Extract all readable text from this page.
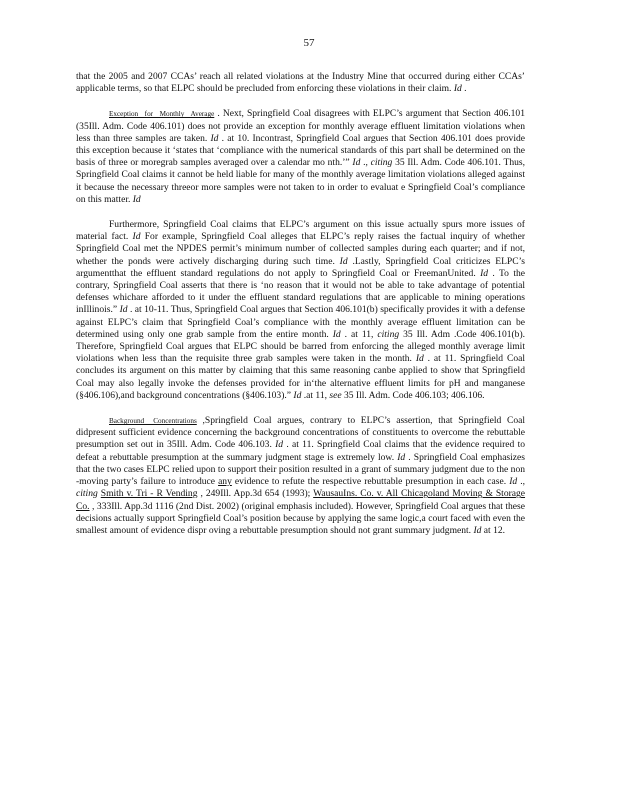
57

that the 2005 and 2007 CCAs’ reach all related violations at the Industry Mine that occurred during either CCAs’ applicable terms, so that ELPC should be precluded from enforcing these violations in their claim. Id .

Exception for Monthly Average . Next, Springfield Coal disagrees with ELPC’s argument that Section 406.101 (35Ill. Adm. Code 406.101) does not provide an exception for monthly average effluent limitation violations when less than three samples are taken. Id . at 10. Incontrast, Springfield Coal argues that Section 406.101 does provide this exception because it ‘states that ‘compliance with the numerical standards of this part shall be determined on the basis of three or moregrab samples averaged over a calendar mo nth.’” Id ., citing 35 Ill. Adm. Code 406.101. Thus, Springfield Coal claims it cannot be held liable for many of the monthly average limitation violations alleged against it because the necessary threeor more samples were not taken to in order to evaluat e Springfield Coal’s compliance on this matter. Id

Furthermore, Springfield Coal claims that ELPC’s argument on this issue actually spurs more issues of material fact. Id For example, Springfield Coal alleges that ELPC’s reply raises the factual inquiry of whether Springfield Coal met the NPDES permit’s minimum number of collected samples during each quarter; and if not, whether the ponds were actively discharging during such time. Id .Lastly, Springfield Coal criticizes ELPC’s argumentthat the effluent standard regulations do not apply to Springfield Coal or FreemanUnited. Id . To the contrary, Springfield Coal asserts that there is ‘no reason that it would not be able to take advantage of potential defenses whichare afforded to it under the effluent standard regulations that are applicable to mining operations inIllinois.” Id . at 10-11. Thus, Springfield Coal argues that Section 406.101(b) specifically provides it with a defense against ELPC’s claim that Springfield Coal’s compliance with the monthly average effluent limitation can be determined using only one grab sample from the entire month. Id . at 11, citing 35 Ill. Adm .Code 406.101(b). Therefore, Springfield Coal argues that ELPC should be barred from enforcing the alleged monthly average limit violations when less than the requisite three grab samples were taken in the month. Id . at 11. Springfield Coal concludes its argument on this matter by claiming that this same reasoning canbe applied to show that Springfield Coal may also legally invoke the defenses provided for in‘the alternative effluent limits for pH and manganese (§406.106),and background concentrations (§406.103).” Id .at 11, see 35 Ill. Adm. Code 406.103; 406.106.

Background Concentrations ,Springfield Coal argues, contrary to ELPC’s assertion, that Springfield Coal didpresent sufficient evidence concerning the background concentrations of constituents to overcome the rebuttable presumption set out in 35Ill. Adm. Code 406.103. Id . at 11. Springfield Coal claims that the evidence required to defeat a rebuttable presumption at the summary judgment stage is extremely low. Id . Springfield Coal emphasizes that the two cases ELPC relied upon to support their position resulted in a grant of summary judgment due to the non -moving party’s failure to introduce any evidence to refute the respective rebuttable presumption in each case. Id ., citing Smith v. Tri - R Vending , 249Ill. App.3d 654 (1993); WausauIns. Co. v. All Chicagoland Moving & Storage Co. , 333Ill. App.3d 1116 (2nd Dist. 2002) (original emphasis included). However, Springfield Coal argues that these decisions actually support Springfield Coal’s position because by applying the same logic,a court faced with even the smallest amount of evidence dispr oving a rebuttable presumption should not grant summary judgment. Id at 12.
